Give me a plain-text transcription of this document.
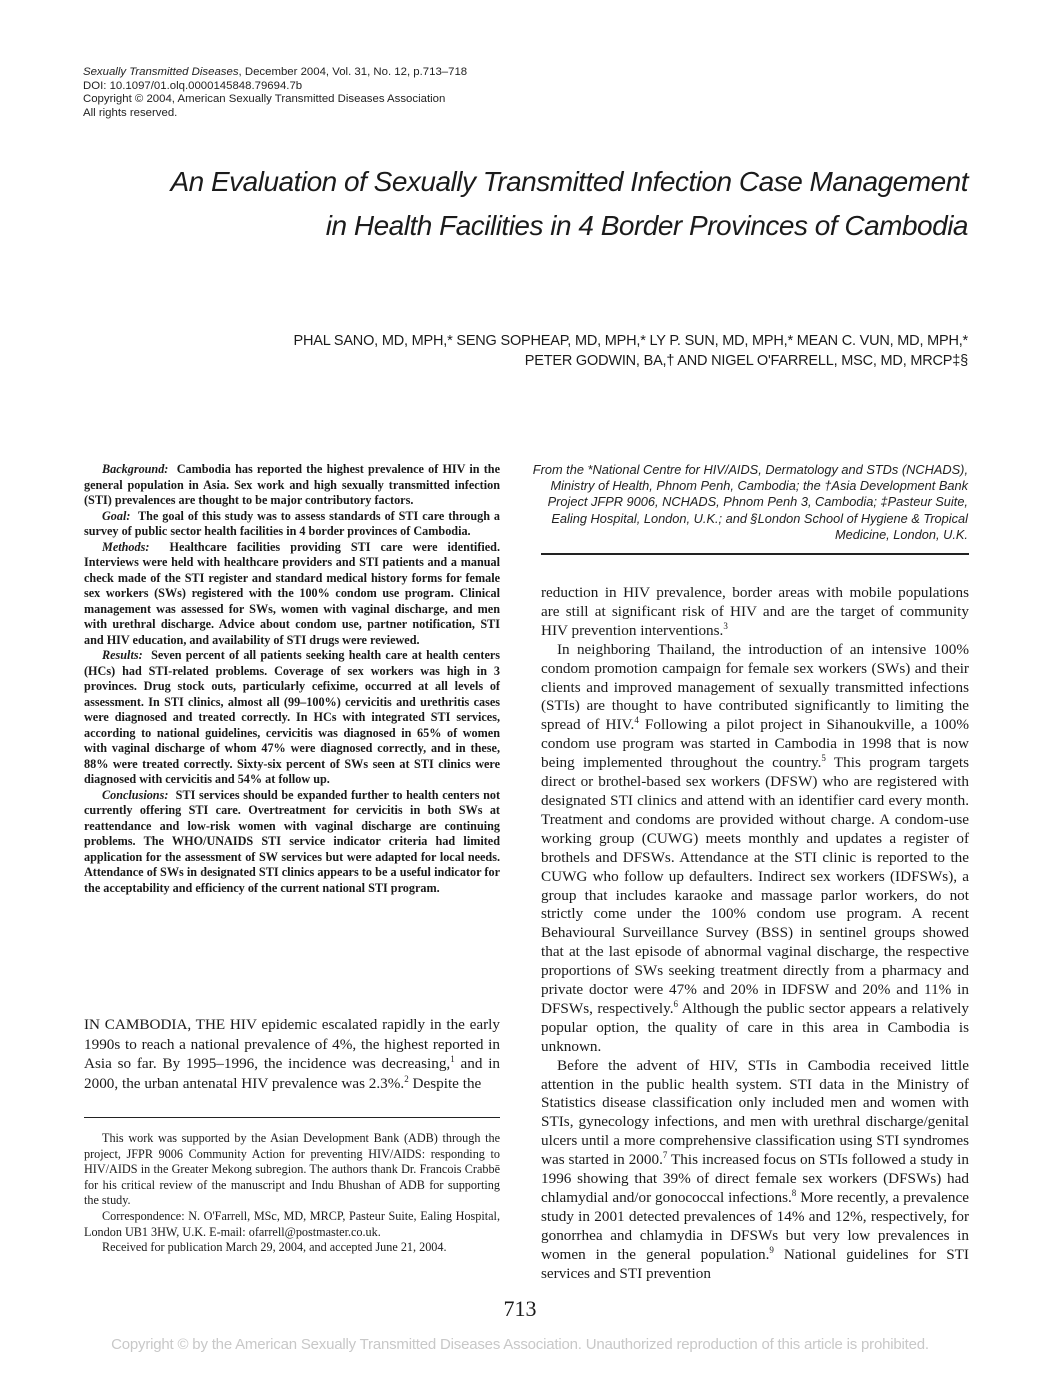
Sexually Transmitted Diseases, December 2004, Vol. 31, No. 12, p.713–718
DOI: 10.1097/01.olq.0000145848.79694.7b
Copyright © 2004, American Sexually Transmitted Diseases Association
All rights reserved.
An Evaluation of Sexually Transmitted Infection Case Management in Health Facilities in 4 Border Provinces of Cambodia
PHAL SANO, MD, MPH,* SENG SOPHEAP, MD, MPH,* LY P. SUN, MD, MPH,* MEAN C. VUN, MD, MPH,*
PETER GODWIN, BA,† AND NIGEL O'FARRELL, MSC, MD, MRCP‡§

Background: Cambodia has reported the highest prevalence of HIV in the general population in Asia. Sex work and high sexually transmitted infection (STI) prevalences are thought to be major contributory factors.

Goal: The goal of this study was to assess standards of STI care through a survey of public sector health facilities in 4 border provinces of Cambodia.

Methods: Healthcare facilities providing STI care were identified. Interviews were held with healthcare providers and STI patients and a manual check made of the STI register and standard medical history forms for female sex workers (SWs) registered with the 100% condom use program. Clinical management was assessed for SWs, women with vaginal discharge, and men with urethral discharge. Advice about condom use, partner notification, STI and HIV education, and availability of STI drugs were reviewed.

Results: Seven percent of all patients seeking health care at health centers (HCs) had STI-related problems. Coverage of sex workers was high in 3 provinces. Drug stock outs, particularly cefixime, occurred at all levels of assessment. In STI clinics, almost all (99–100%) cervicitis and urethritis cases were diagnosed and treated correctly. In HCs with integrated STI services, according to national guidelines, cervicitis was diagnosed in 65% of women with vaginal discharge of whom 47% were diagnosed correctly, and in these, 88% were treated correctly. Sixty-six percent of SWs seen at STI clinics were diagnosed with cervicitis and 54% at follow up.

Conclusions: STI services should be expanded further to health centers not currently offering STI care. Overtreatment for cervicitis in both SWs at reattendance and low-risk women with vaginal discharge are continuing problems. The WHO/UNAIDS STI service indicator criteria had limited application for the assessment of SW services but were adapted for local needs. Attendance of SWs in designated STI clinics appears to be a useful indicator for the acceptability and efficiency of the current national STI program.

IN CAMBODIA, THE HIV epidemic escalated rapidly in the early 1990s to reach a national prevalence of 4%, the highest reported in Asia so far. By 1995–1996, the incidence was decreasing,$^1$ and in 2000, the urban antenatal HIV prevalence was 2.3%.$^2$ Despite the

This work was supported by the Asian Development Bank (ADB) through the project, JFPR 9006 Community Action for preventing HIV/AIDS: responding to HIV/AIDS in the Greater Mekong subregion. The authors thank Dr. Francois Crabbē for his critical review of the manuscript and Indu Bhushan of ADB for supporting the study.

Correspondence: N. O'Farrell, MSc, MD, MRCP, Pasteur Suite, Ealing Hospital, London UB1 3HW, U.K. E-mail: ofarrell@postmaster.co.uk.

Received for publication March 29, 2004, and accepted June 21, 2004.

From the *National Centre for HIV/AIDS, Dermatology and STDs (NCHADS), Ministry of Health, Phnom Penh, Cambodia; the †Asia Development Bank Project JFPR 9006, NCHADS, Phnom Penh 3, Cambodia; ‡Pasteur Suite, Ealing Hospital, London, U.K.; and §London School of Hygiene & Tropical Medicine, London, U.K.

reduction in HIV prevalence, border areas with mobile populations are still at significant risk of HIV and are the target of community HIV prevention interventions.$^3$

In neighboring Thailand, the introduction of an intensive 100% condom promotion campaign for female sex workers (SWs) and their clients and improved management of sexually transmitted infections (STIs) are thought to have contributed significantly to limiting the spread of HIV.$^4$ Following a pilot project in Sihanoukville, a 100% condom use program was started in Cambodia in 1998 that is now being implemented throughout the country.$^5$ This program targets direct or brothel-based sex workers (DFSW) who are registered with designated STI clinics and attend with an identifier card every month. Treatment and condoms are provided without charge. A condom-use working group (CUWG) meets monthly and updates a register of brothels and DFSWs. Attendance at the STI clinic is reported to the CUWG who follow up defaulters. Indirect sex workers (IDFSWs), a group that includes karaoke and massage parlor workers, do not strictly come under the 100% condom use program. A recent Behavioural Surveillance Survey (BSS) in sentinel groups showed that at the last episode of abnormal vaginal discharge, the respective proportions of SWs seeking treatment directly from a pharmacy and private doctor were 47% and 20% in IDFSW and 20% and 11% in DFSWs, respectively.$^6$ Although the public sector appears a relatively popular option, the quality of care in this area in Cambodia is unknown.

Before the advent of HIV, STIs in Cambodia received little attention in the public health system. STI data in the Ministry of Statistics disease classification only included men and women with STIs, gynecology infections, and men with urethral discharge/genital ulcers until a more comprehensive classification using STI syndromes was started in 2000.$^7$ This increased focus on STIs followed a study in 1996 showing that 39% of direct female sex workers (DFSWs) had chlamydial and/or gonococcal infections.$^8$ More recently, a prevalence study in 2001 detected prevalences of 14% and 12%, respectively, for gonorrhea and chlamydia in DFSWs but very low prevalences in women in the general population.$^9$ National guidelines for STI services and STI prevention

713
Copyright © by the American Sexually Transmitted Diseases Association. Unauthorized reproduction of this article is prohibited.
